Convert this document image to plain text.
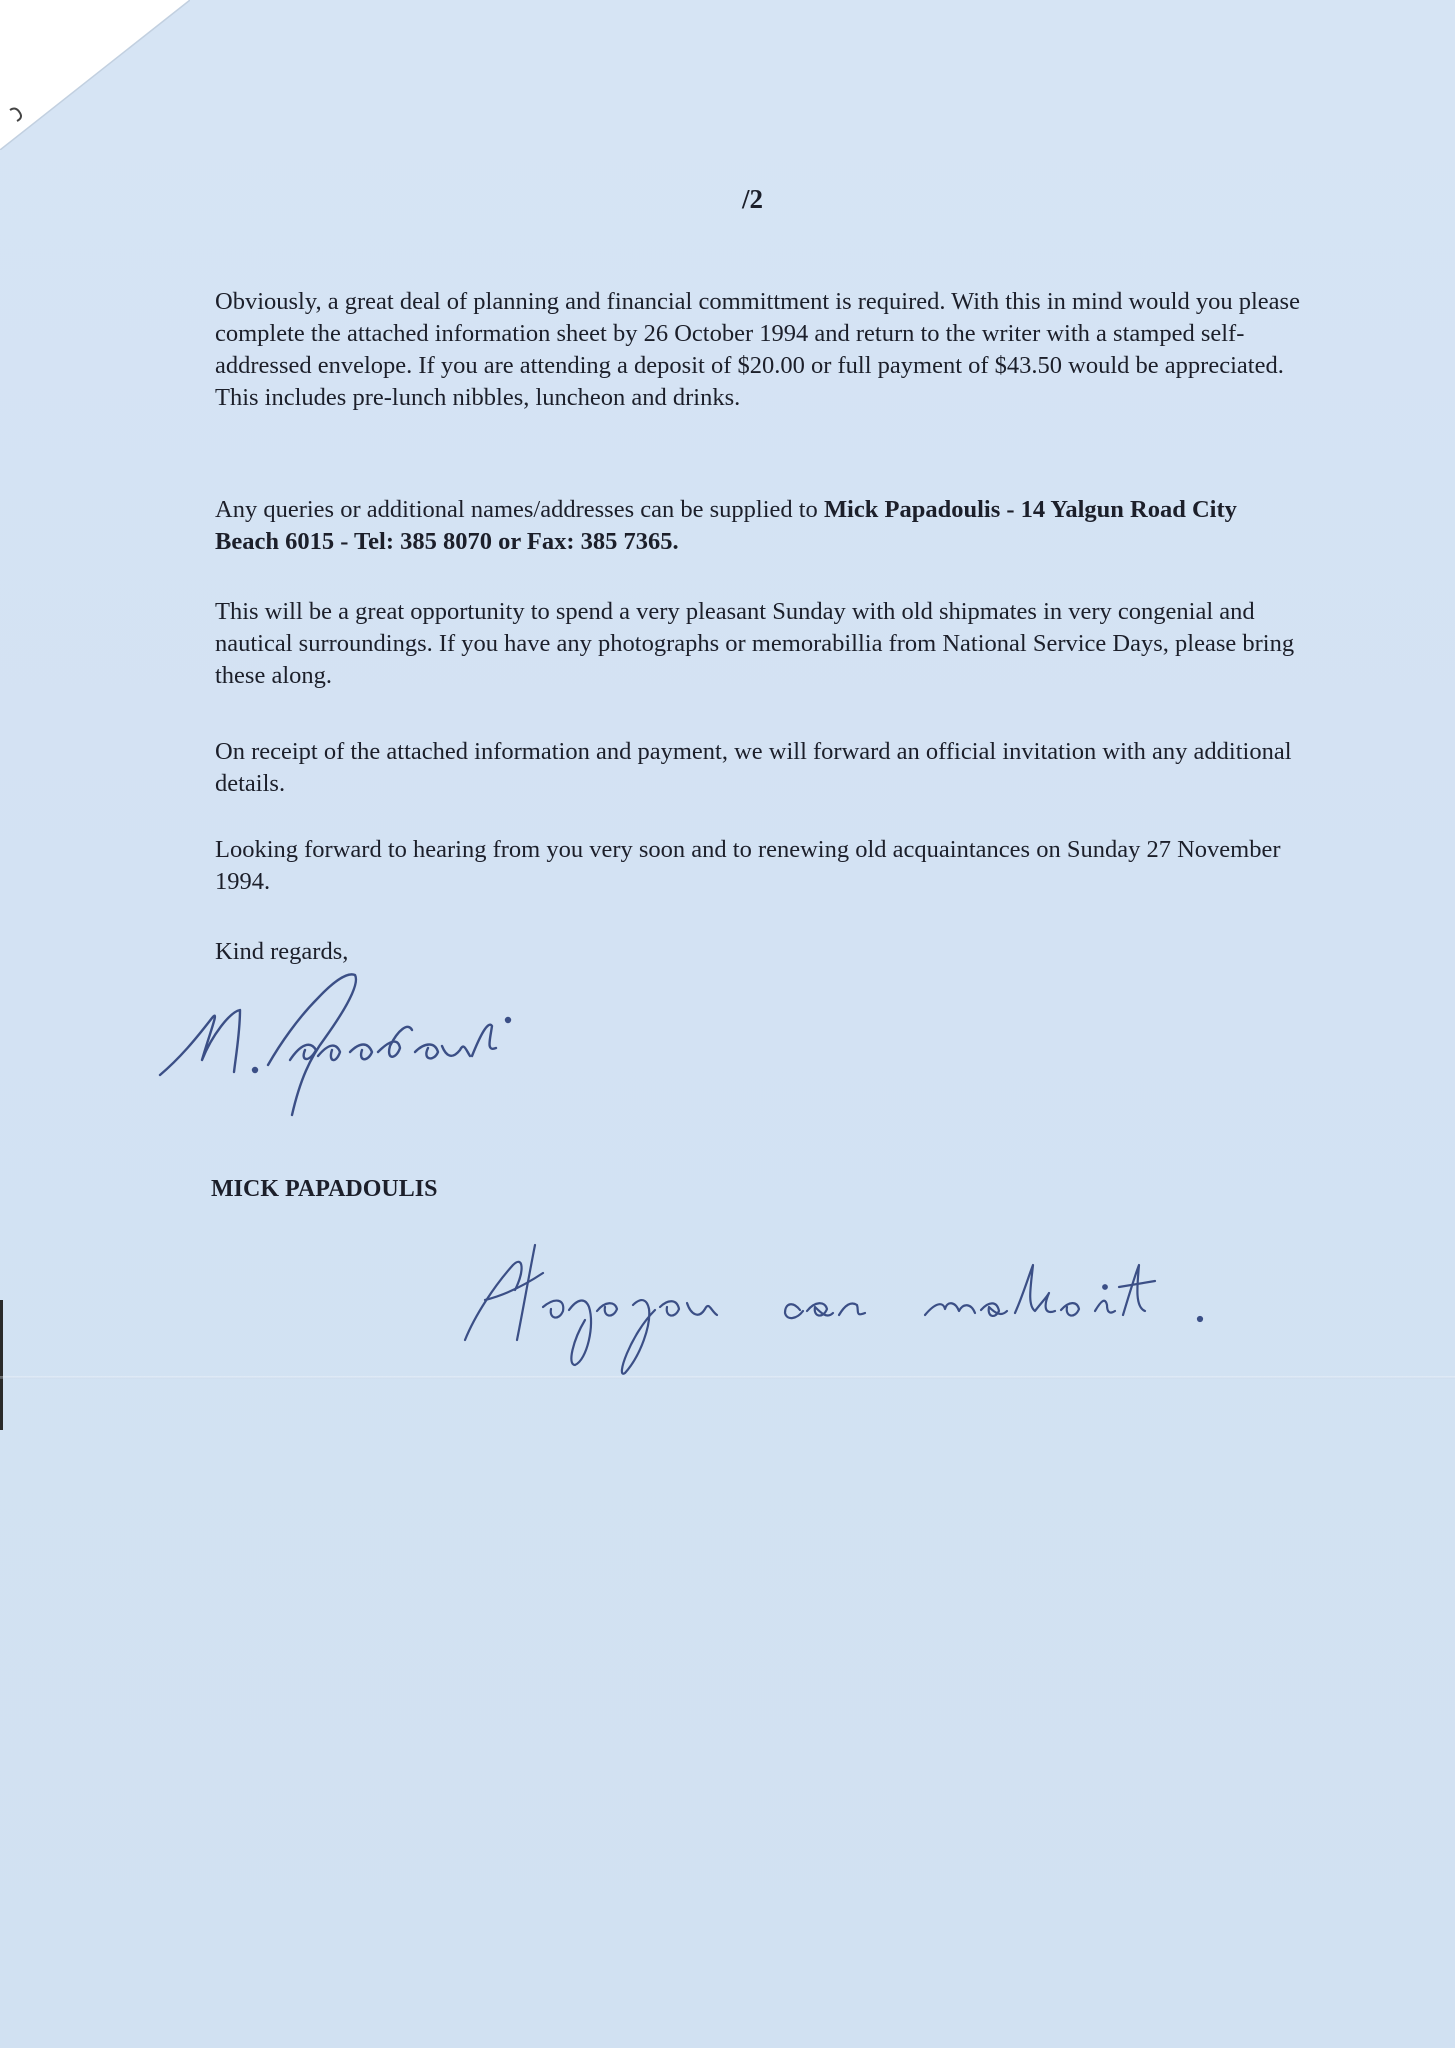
/2

Obviously, a great deal of planning and financial committment is required. With this in mind would you please complete the attached information sheet by 26 October 1994 and return to the writer with a stamped self-addressed envelope. If you are attending a deposit of $20.00 or full payment of $43.50 would be appreciated. This includes pre-lunch nibbles, luncheon and drinks.

Any queries or additional names/addresses can be supplied to Mick Papadoulis - 14 Yalgun Road City Beach 6015 - Tel: 385 8070 or Fax: 385 7365.

This will be a great opportunity to spend a very pleasant Sunday with old shipmates in very congenial and nautical surroundings. If you have any photographs or memorabillia from National Service Days, please bring these along.

On receipt of the attached information and payment, we will forward an official invitation with any additional details.

Looking forward to hearing from you very soon and to renewing old acquaintances on Sunday 27 November 1994.

Kind regards,

MICK PAPADOULIS
